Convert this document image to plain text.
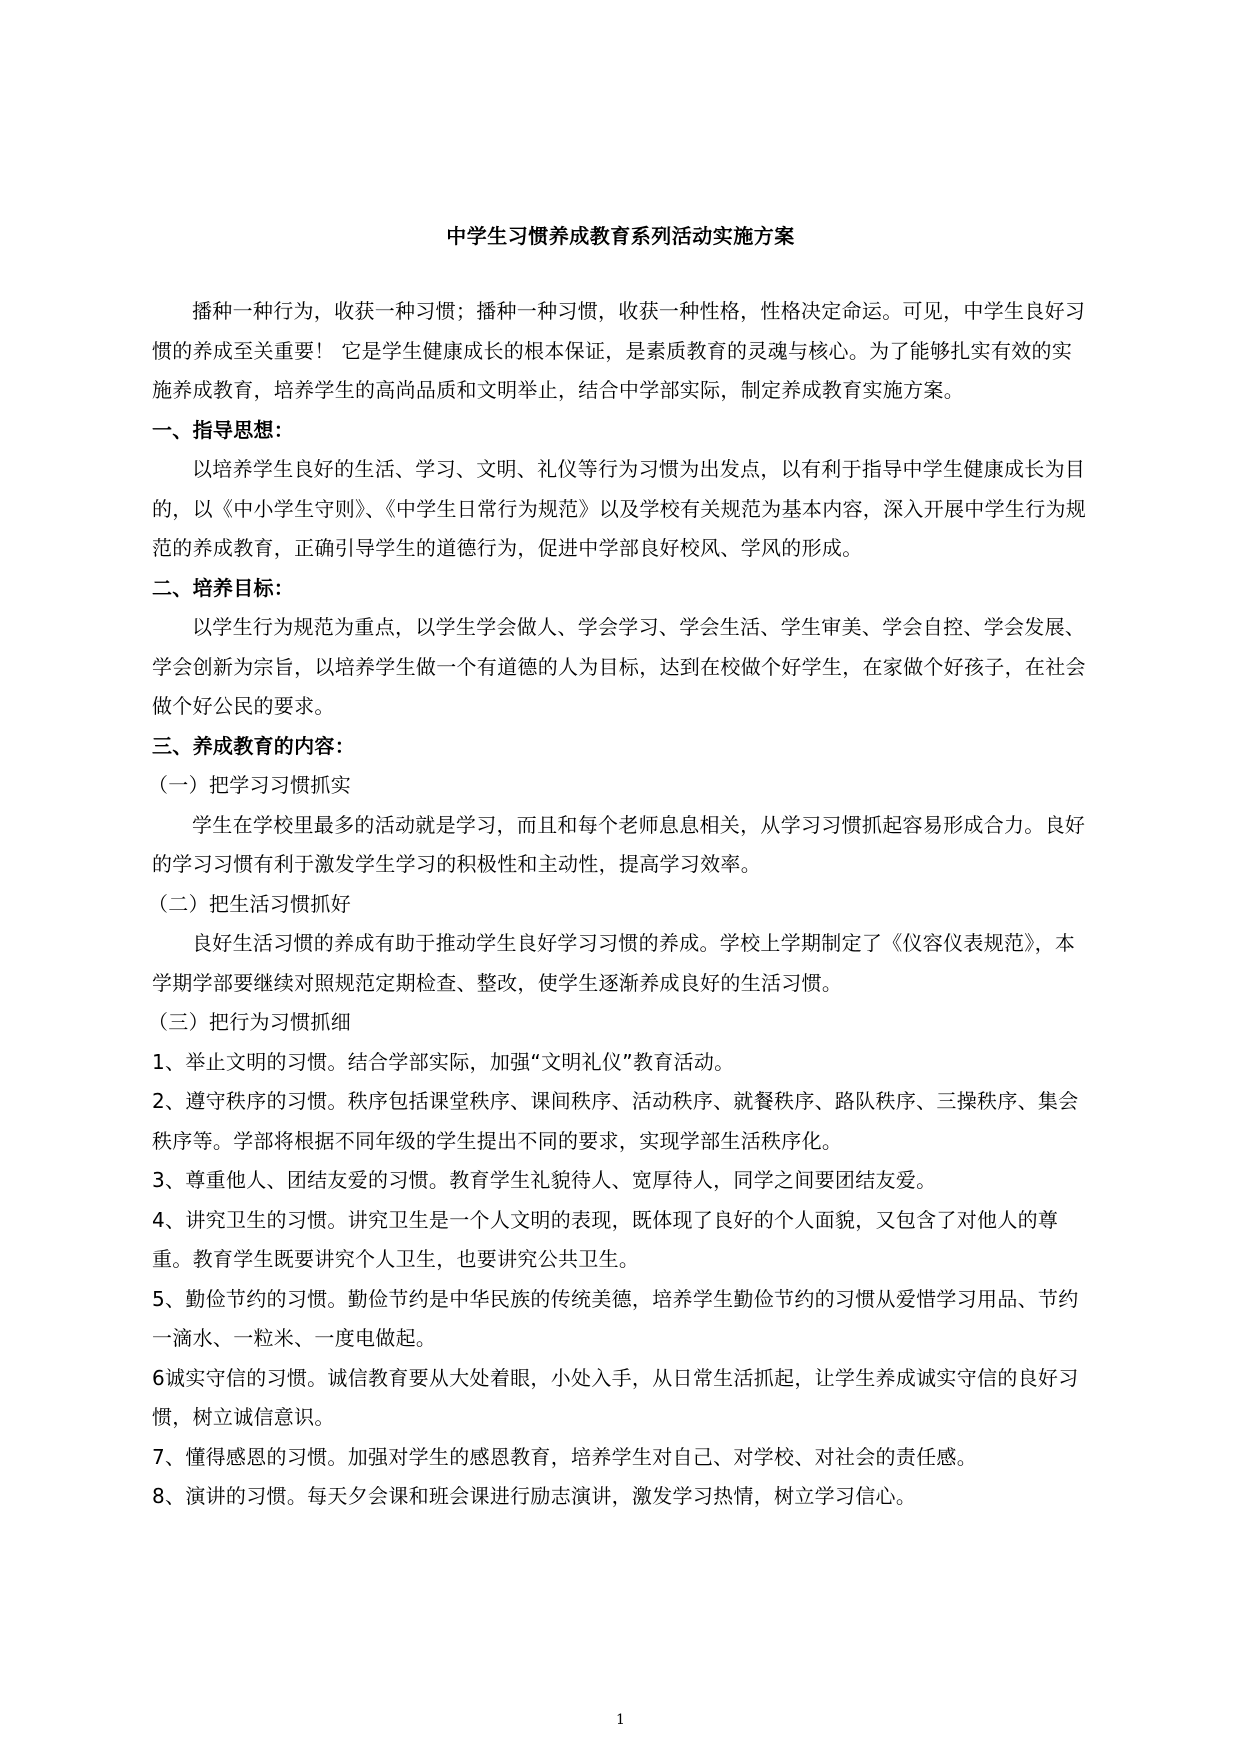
中学生习惯养成教育系列活动实施方案

播种一种行为，收获一种习惯；播种一种习惯，收获一种性格，性格决定命运。可见，中学生良好习惯的养成至关重要！ 它是学生健康成长的根本保证，是素质教育的灵魂与核心。为了能够扎实有效的实施养成教育，培养学生的高尚品质和文明举止，结合中学部实际，制定养成教育实施方案。

一、指导思想：

以培养学生良好的生活、学习、文明、礼仪等行为习惯为出发点，以有利于指导中学生健康成长为目的，以《中小学生守则》、《中学生日常行为规范》以及学校有关规范为基本内容，深入开展中学生行为规范的养成教育，正确引导学生的道德行为，促进中学部良好校风、学风的形成。

二、培养目标：

以学生行为规范为重点，以学生学会做人、学会学习、学会生活、学生审美、学会自控、学会发展、学会创新为宗旨，以培养学生做一个有道德的人为目标，达到在校做个好学生，在家做个好孩子，在社会做个好公民的要求。

三、养成教育的内容：

（一）把学习习惯抓实

学生在学校里最多的活动就是学习，而且和每个老师息息相关，从学习习惯抓起容易形成合力。良好的学习习惯有利于激发学生学习的积极性和主动性，提高学习效率。

（二）把生活习惯抓好

良好生活习惯的养成有助于推动学生良好学习习惯的养成。学校上学期制定了《仪容仪表规范》，本学期学部要继续对照规范定期检查、整改，使学生逐渐养成良好的生活习惯。

（三）把行为习惯抓细

1、举止文明的习惯。结合学部实际，加强“文明礼仪”教育活动。

2、遵守秩序的习惯。秩序包括课堂秩序、课间秩序、活动秩序、就餐秩序、路队秩序、三操秩序、集会秩序等。学部将根据不同年级的学生提出不同的要求，实现学部生活秩序化。

3、尊重他人、团结友爱的习惯。教育学生礼貌待人、宽厚待人，同学之间要团结友爱。

4、讲究卫生的习惯。讲究卫生是一个人文明的表现，既体现了良好的个人面貌，又包含了对他人的尊重。教育学生既要讲究个人卫生，也要讲究公共卫生。

5、勤俭节约的习惯。勤俭节约是中华民族的传统美德，培养学生勤俭节约的习惯从爱惜学习用品、节约一滴水、一粒米、一度电做起。

6诚实守信的习惯。诚信教育要从大处着眼，小处入手，从日常生活抓起，让学生养成诚实守信的良好习惯，树立诚信意识。

7、懂得感恩的习惯。加强对学生的感恩教育，培养学生对自己、对学校、对社会的责任感。

8、演讲的习惯。每天夕会课和班会课进行励志演讲，激发学习热情，树立学习信心。

1
